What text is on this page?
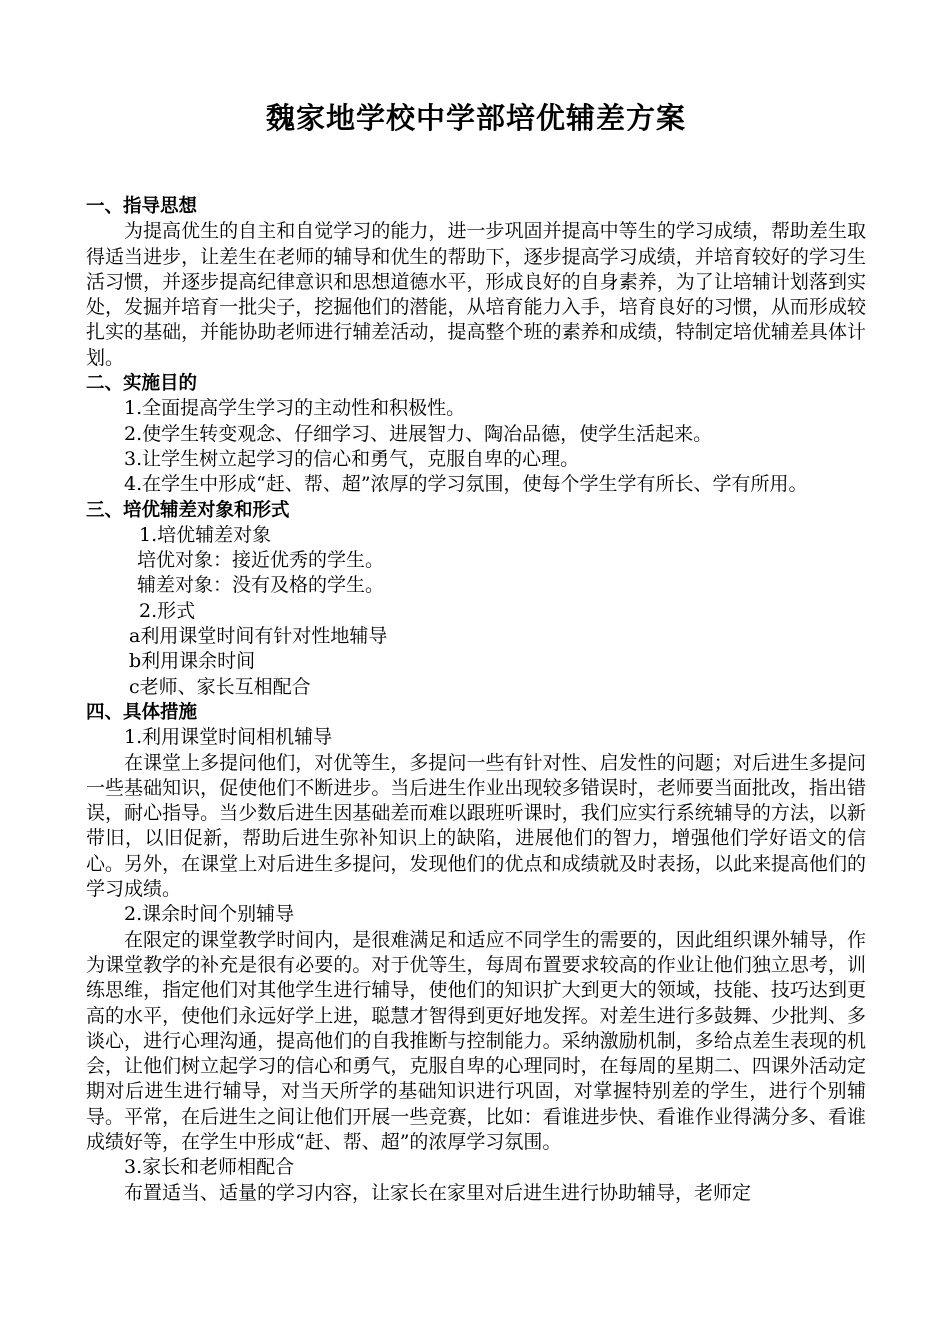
魏家地学校中学部培优辅差方案
一、指导思想
为提高优生的自主和自觉学习的能力，进一步巩固并提高中等生的学习成绩，帮助差生取得适当进步，让差生在老师的辅导和优生的帮助下，逐步提高学习成绩，并培育较好的学习生活习惯，并逐步提高纪律意识和思想道德水平，形成良好的自身素养，为了让培辅计划落到实处，发掘并培育一批尖子，挖掘他们的潜能，从培育能力入手，培育良好的习惯，从而形成较扎实的基础，并能协助老师进行辅差活动，提高整个班的素养和成绩，特制定培优辅差具体计划。
二、实施目的
1.全面提高学生学习的主动性和积极性。
2.使学生转变观念、仔细学习、进展智力、陶冶品德，使学生活起来。
3.让学生树立起学习的信心和勇气，克服自卑的心理。
4.在学生中形成“赶、帮、超”浓厚的学习氛围，使每个学生学有所长、学有所用。
三、培优辅差对象和形式
1.培优辅差对象
培优对象：接近优秀的学生。
辅差对象：没有及格的学生。
2.形式
a利用课堂时间有针对性地辅导
b利用课余时间
c老师、家长互相配合
四、具体措施
1.利用课堂时间相机辅导
在课堂上多提问他们，对优等生，多提问一些有针对性、启发性的问题；对后进生多提问一些基础知识，促使他们不断进步。当后进生作业出现较多错误时，老师要当面批改，指出错误，耐心指导。当少数后进生因基础差而难以跟班听课时，我们应实行系统辅导的方法，以新带旧，以旧促新，帮助后进生弥补知识上的缺陷，进展他们的智力，增强他们学好语文的信心。另外，在课堂上对后进生多提问，发现他们的优点和成绩就及时表扬，以此来提高他们的学习成绩。
2.课余时间个别辅导
在限定的课堂教学时间内，是很难满足和适应不同学生的需要的，因此组织课外辅导，作为课堂教学的补充是很有必要的。对于优等生，每周布置要求较高的作业让他们独立思考，训练思维，指定他们对其他学生进行辅导，使他们的知识扩大到更大的领域，技能、技巧达到更高的水平，使他们永远好学上进，聪慧才智得到更好地发挥。对差生进行多鼓舞、少批判、多谈心，进行心理沟通，提高他们的自我推断与控制能力。采纳激励机制，多给点差生表现的机会，让他们树立起学习的信心和勇气，克服自卑的心理同时，在每周的星期二、四课外活动定期对后进生进行辅导，对当天所学的基础知识进行巩固，对掌握特别差的学生，进行个别辅导。平常，在后进生之间让他们开展一些竞赛，比如：看谁进步快、看谁作业得满分多、看谁成绩好等，在学生中形成“赶、帮、超”的浓厚学习氛围。
3.家长和老师相配合
布置适当、适量的学习内容，让家长在家里对后进生进行协助辅导，老师定
